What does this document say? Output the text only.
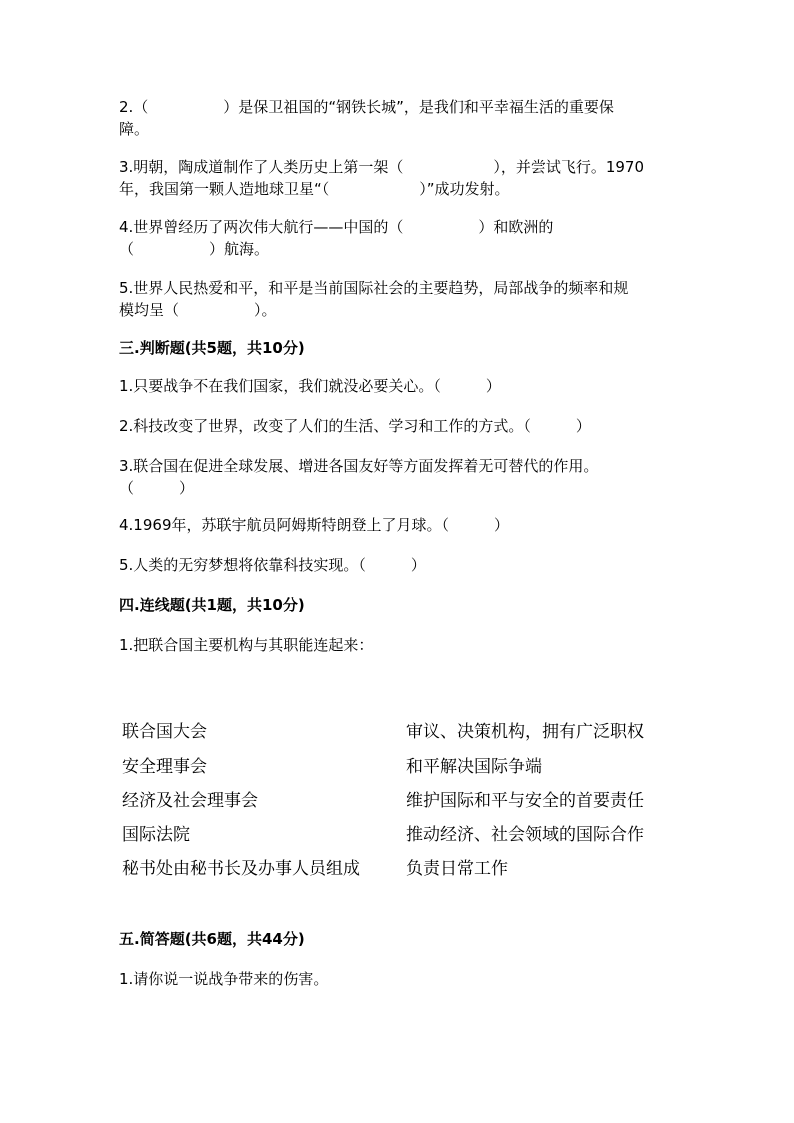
2.（　　　　　）是保卫祖国的“钢铁长城”，是我们和平幸福生活的重要保
障。
3.明朝，陶成道制作了人类历史上第一架（　　　　　　），并尝试飞行。1970
年，我国第一颗人造地球卫星“（　　　　　　）”成功发射。
4.世界曾经历了两次伟大航行——中国的（　　　　　）和欧洲的
（　　　　　）航海。
5.世界人民热爱和平，和平是当前国际社会的主要趋势，局部战争的频率和规
模均呈（　　　　　）。
三.判断题(共5题，共10分)
1.只要战争不在我们国家，我们就没必要关心。（　　　）
2.科技改变了世界，改变了人们的生活、学习和工作的方式。（　　　）
3.联合国在促进全球发展、增进各国友好等方面发挥着无可替代的作用。
（　　　）
4.1969年，苏联宇航员阿姆斯特朗登上了月球。（　　　）
5.人类的无穷梦想将依靠科技实现。（　　　）
四.连线题(共1题，共10分)
1.把联合国主要机构与其职能连起来：
联合国大会
安全理事会
经济及社会理事会
国际法院
秘书处由秘书长及办事人员组成
审议、决策机构，拥有广泛职权
和平解决国际争端
维护国际和平与安全的首要责任
推动经济、社会领域的国际合作
负责日常工作
五.简答题(共6题，共44分)
1.请你说一说战争带来的伤害。
